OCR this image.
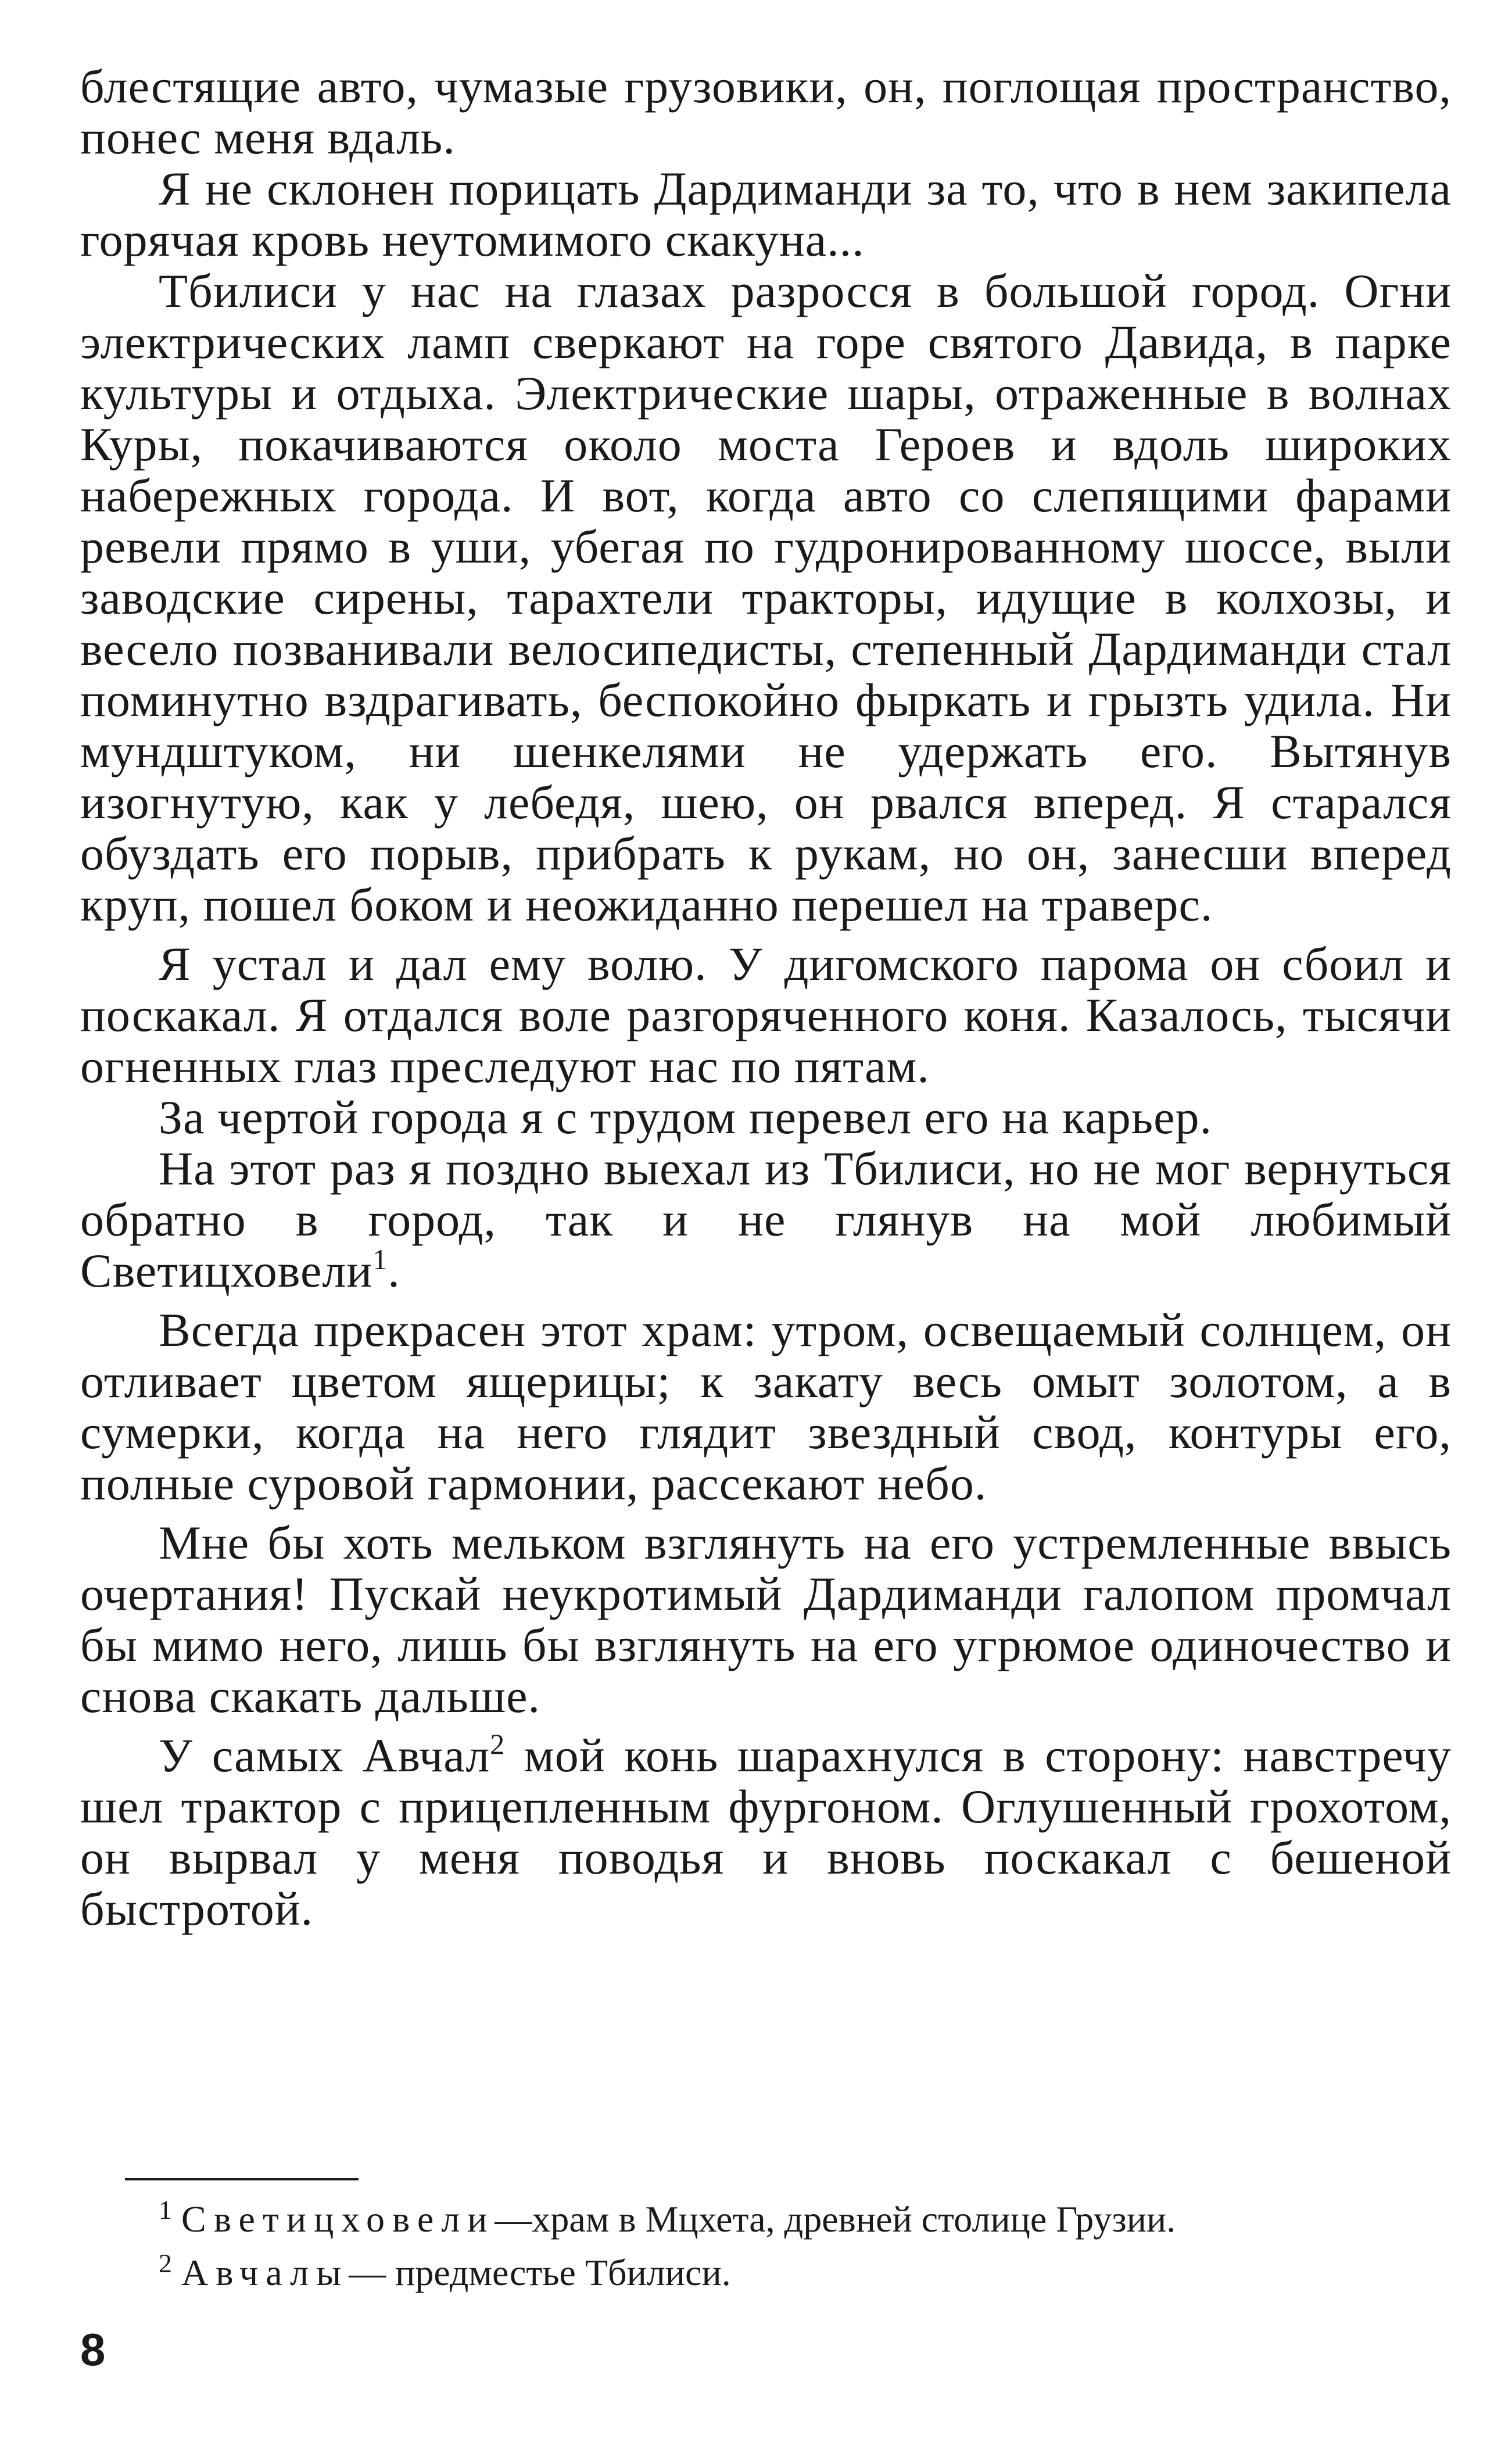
блестящие авто, чумазые грузовики, он, поглощая пространство, понес меня вдаль.

Я не склонен порицать Дардиманди за то, что в нем закипела горячая кровь неутомимого скакуна...

Тбилиси у нас на глазах разросся в большой город. Огни электрических ламп сверкают на горе святого Давида, в парке культуры и отдыха. Электрические шары, отраженные в волнах Куры, покачиваются около моста Героев и вдоль широких набережных города. И вот, когда авто со слепящими фарами ревели прямо в уши, убегая по гудронированному шоссе, выли заводские сирены, тарахтели тракторы, идущие в колхозы, и весело позванивали велосипедисты, степенный Дардиманди стал поминутно вздрагивать, беспокойно фыркать и грызть удила. Ни мундштуком, ни шенкелями не удержать его. Вытянув изогнутую, как у лебедя, шею, он рвался вперед. Я старался обуздать его порыв, прибрать к рукам, но он, занесши вперед круп, пошел боком и неожиданно перешел на траверс.

Я устал и дал ему волю. У дигомского парома он сбоил и поскакал. Я отдался воле разгоряченного коня. Казалось, тысячи огненных глаз преследуют нас по пятам.

За чертой города я с трудом перевел его на карьер.

На этот раз я поздно выехал из Тбилиси, но не мог вернуться обратно в город, так и не глянув на мой любимый Светицховели$^1$.

Всегда прекрасен этот храм: утром, освещаемый солнцем, он отливает цветом ящерицы; к закату весь омыт золотом, а в сумерки, когда на него глядит звездный свод, контуры его, полные суровой гармонии, рассекают небо.

Мне бы хоть мельком взглянуть на его устремленные ввысь очертания! Пускай неукротимый Дардиманди галопом промчал бы мимо него, лишь бы взглянуть на его угрюмое одиночество и снова скакать дальше.

У самых Авчал$^2$ мой конь шарахнулся в сторону: навстречу шел трактор с прицепленным фургоном. Оглушенный грохотом, он вырвал у меня поводья и вновь поскакал с бешеной быстротой.

$^1$ Светицховели—храм в Мцхета, древней столице Грузии.

$^2$ Авчалы— предместье Тбилиси.

8
